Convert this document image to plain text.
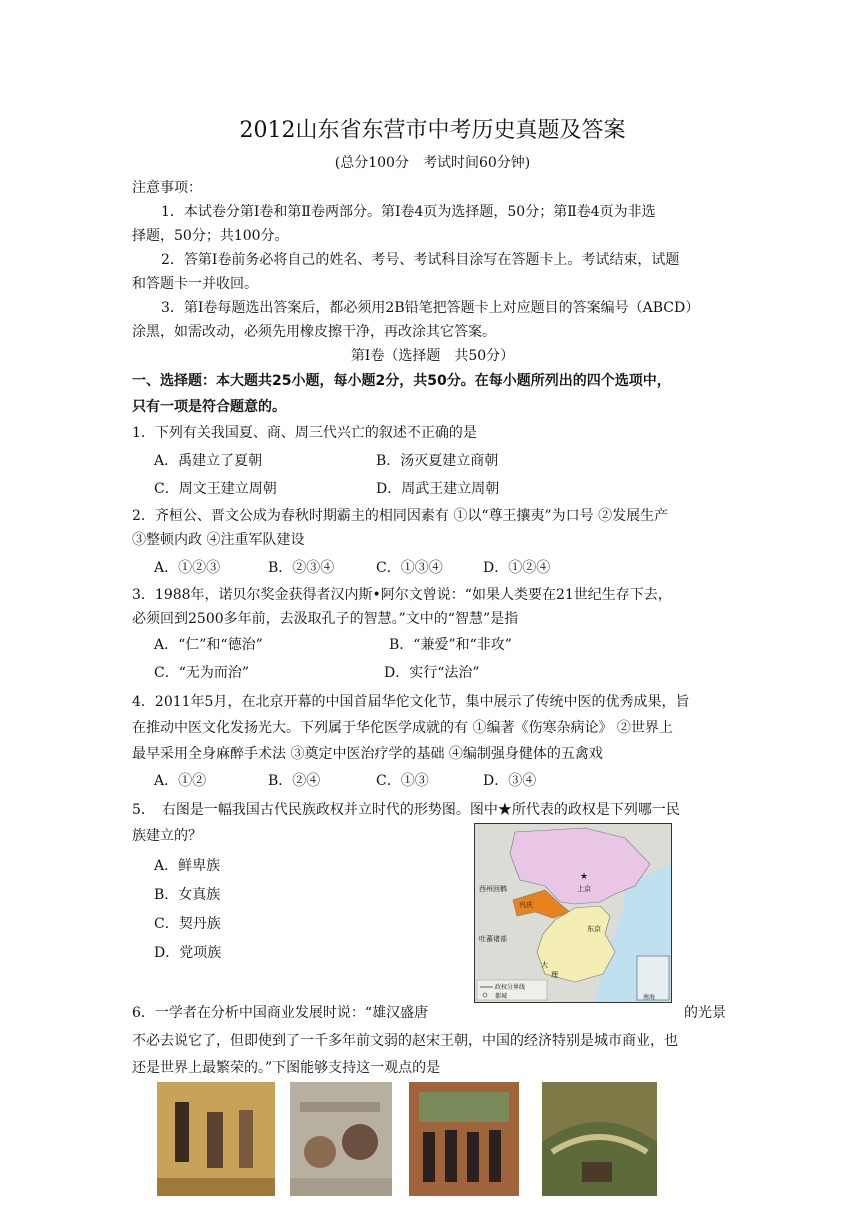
2012山东省东营市中考历史真题及答案
(总分100分　考试时间60分钟)
注意事项：
1．本试卷分第Ⅰ卷和第Ⅱ卷两部分。第Ⅰ卷4页为选择题，50分；第Ⅱ卷4页为非选
择题，50分；共100分。
2．答第Ⅰ卷前务必将自己的姓名、考号、考试科目涂写在答题卡上。考试结束，试题
和答题卡一并收回。
3．第Ⅰ卷每题选出答案后，都必须用2B铅笔把答题卡上对应题目的答案编号（ABCD）
涂黑，如需改动，必须先用橡皮擦干净，再改涂其它答案。
第Ⅰ卷（选择题　共50分）
一、选择题：本大题共25小题，每小题2分，共50分。在每小题所列出的四个选项中，
只有一项是符合题意的。
1．下列有关我国夏、商、周三代兴亡的叙述不正确的是
A．禹建立了夏朝	B．汤灭夏建立商朝
C．周文王建立周朝	D．周武王建立周朝
2．齐桓公、晋文公成为春秋时期霸主的相同因素有 ①以“尊王攘夷”为口号 ②发展生产
③整顿内政 ④注重军队建设
A．①②③	B．②③④	C．①③④	D．①②④
3．1988年，诺贝尔奖金获得者汉内斯•阿尔文曾说：“如果人类要在21世纪生存下去，
必须回到2500多年前，去汲取孔子的智慧。”文中的“智慧”是指
A．“仁”和“德治”	B．“兼爱”和“非攻”
C．“无为而治”	D．实行“法治”
4．2011年5月，在北京开幕的中国首届华佗文化节，集中展示了传统中医的优秀成果，旨
在推动中医文化发扬光大。下列属于华佗医学成就的有 ①编著《伤寒杂病论》 ②世界上
最早采用全身麻醉手术法 ③奠定中医治疗学的基础 ④编制强身健体的五禽戏
A．①②	B．②④	C．①③	D．③④
5．　右图是一幅我国古代民族政权并立时代的形势图。图中★所代表的政权是下列哪一民
族建立的？
A．鲜卑族
B．女真族
C．契丹族
D．党项族
★
上京
兴庆
东京
西州回鹘
吐蕃诸部
大
理
政权分界线
都城	南海
6．一学者在分析中国商业发展时说：“雄汉盛唐	的光景
不必去说它了，但即使到了一千多年前文弱的赵宋王朝，中国的经济特别是城市商业，也
还是世界上最繁荣的。”下图能够支持这一观点的是
